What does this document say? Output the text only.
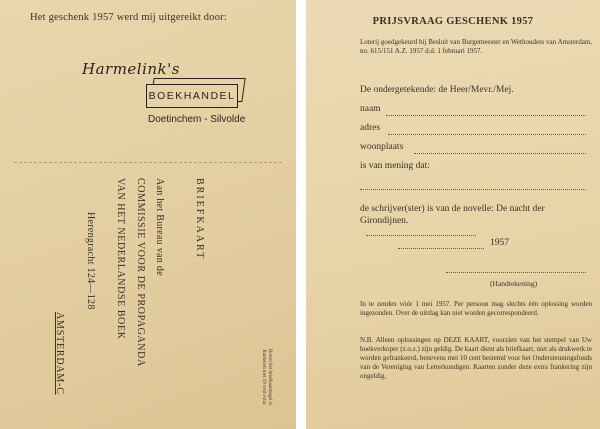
Het geschenk 1957 werd mij uitgereikt door:
Harmelink's
BOEKHANDEL
Doetinchem - Silvolde
BRIEFKAART
Aan het Bureau van de
COMMISSIE VOOR DE PROPAGANDA
VAN HET NEDERLANDSE BOEK
Herengracht 124—128
AMSTERDAM-C	Boven het briefkaartzegel is frankeren met 10 cent extra
PRIJSVRAAG GESCHENK 1957
Loterij goedgekeurd bij Besluit van Burgemeester en Wethouders van Amsterdam, no. 615/151 A.Z. 1957 d.d. 1 februari 1957.
De ondergetekende: de Heer/Mevr./Mej.
naam
adres
woonplaats
is van mening dat:
de schrijver(ster) is van de novelle: De nacht der Girondijnen.
1957
(Handtekening)
In te zenden vóór 1 mei 1957. Per persoon mag slechts één oplossing worden ingezonden. Over de uitslag kan niet worden gecorrespondeerd.
N.B. Alleen oplossingen op DEZE KAART, voorzien van het stempel van Uw boekverkoper (z.o.z.) zijn geldig. De kaart dient als briefkaart, niet als drukwerk te worden gefrankeerd, benevens met 10 cent bestemd voor het Ondersteuningsfonds van de Vereniging van Letterkundigen. Kaarten zonder deze extra frankering zijn ongeldig.
